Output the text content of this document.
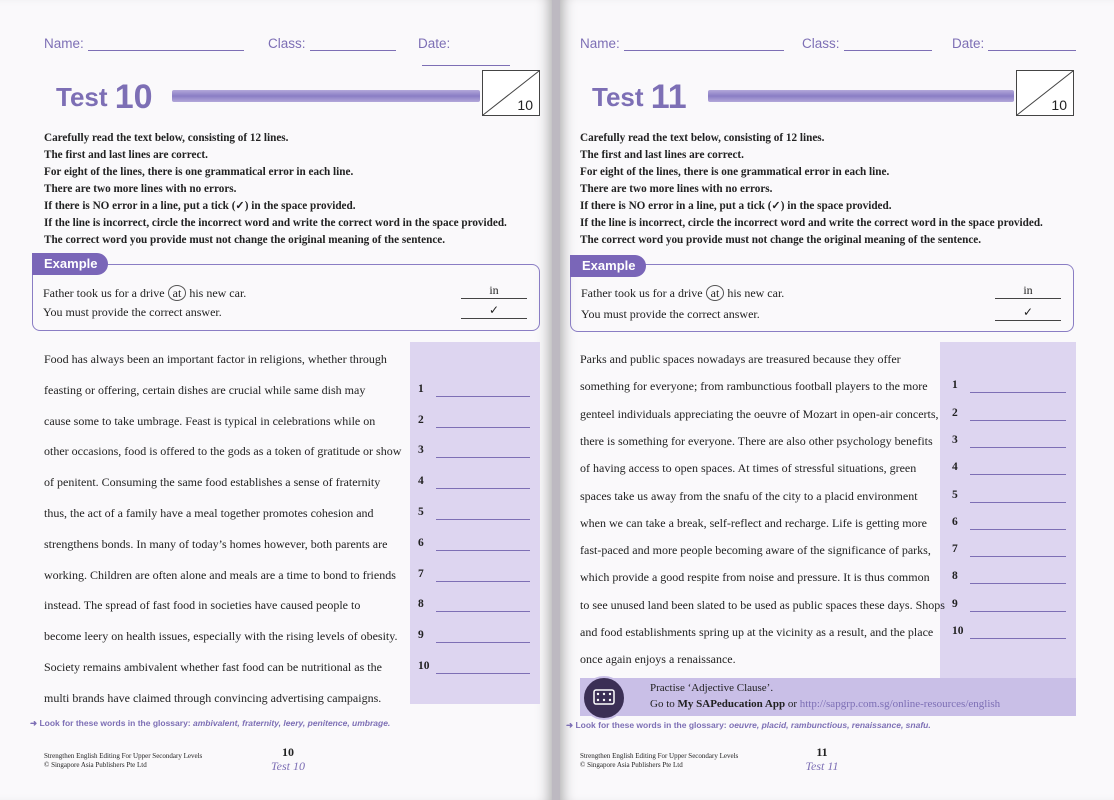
Name:	Class:	Date:
Test 10	10
Carefully read the text below, consisting of 12 lines.
The first and last lines are correct.
For eight of the lines, there is one grammatical error in each line.
There are two more lines with no errors.
If there is NO error in a line, put a tick (✓) in the space provided.
If the line is incorrect, circle the incorrect word and write the correct word in the space provided.
The correct word you provide must not change the original meaning of the sentence.
Father took us for a drive at his new car.	in
You must provide the correct answer.	✓
Example
Food has always been an important factor in religions, whether through
feasting or offering, certain dishes are crucial while same dish may
cause some to take umbrage. Feast is typical in celebrations while on
other occasions, food is offered to the gods as a token of gratitude or show
of penitent. Consuming the same food establishes a sense of fraternity
thus, the act of a family have a meal together promotes cohesion and
strengthens bonds. In many of today’s homes however, both parents are
working. Children are often alone and meals are a time to bond to friends
instead. The spread of fast food in societies have caused people to
become leery on health issues, especially with the rising levels of obesity.
Society remains ambivalent whether fast food can be nutritional as the
multi brands have claimed through convincing advertising campaigns.
1
2
3
4
5
6
7
8
9
10
➜ Look for these words in the glossary: ambivalent, fraternity, leery, penitence, umbrage.
Strengthen English Editing For Upper Secondary Levels
© Singapore Asia Publishers Pte Ltd
10
Test 10
Name:	Class:	Date:
Test 11	10
Carefully read the text below, consisting of 12 lines.
The first and last lines are correct.
For eight of the lines, there is one grammatical error in each line.
There are two more lines with no errors.
If there is NO error in a line, put a tick (✓) in the space provided.
If the line is incorrect, circle the incorrect word and write the correct word in the space provided.
The correct word you provide must not change the original meaning of the sentence.
Father took us for a drive at his new car.	in
You must provide the correct answer.	✓
Example
Parks and public spaces nowadays are treasured because they offer
something for everyone; from rambunctious football players to the more
genteel individuals appreciating the oeuvre of Mozart in open-air concerts,
there is something for everyone. There are also other psychology benefits
of having access to open spaces. At times of stressful situations, green
spaces take us away from the snafu of the city to a placid environment
when we can take a break, self-reflect and recharge. Life is getting more
fast-paced and more people becoming aware of the significance of parks,
which provide a good respite from noise and pressure. It is thus common
to see unused land been slated to be used as public spaces these days. Shops
and food establishments spring up at the vicinity as a result, and the place
once again enjoys a renaissance.
1
2
3
4
5
6
7
8
9
10
Practise ‘Adjective Clause’.
Go to My SAPeducation App or http://sapgrp.com.sg/online-resources/english
➜ Look for these words in the glossary: oeuvre, placid, rambunctious, renaissance, snafu.
Strengthen English Editing For Upper Secondary Levels
© Singapore Asia Publishers Pte Ltd
11
Test 11
